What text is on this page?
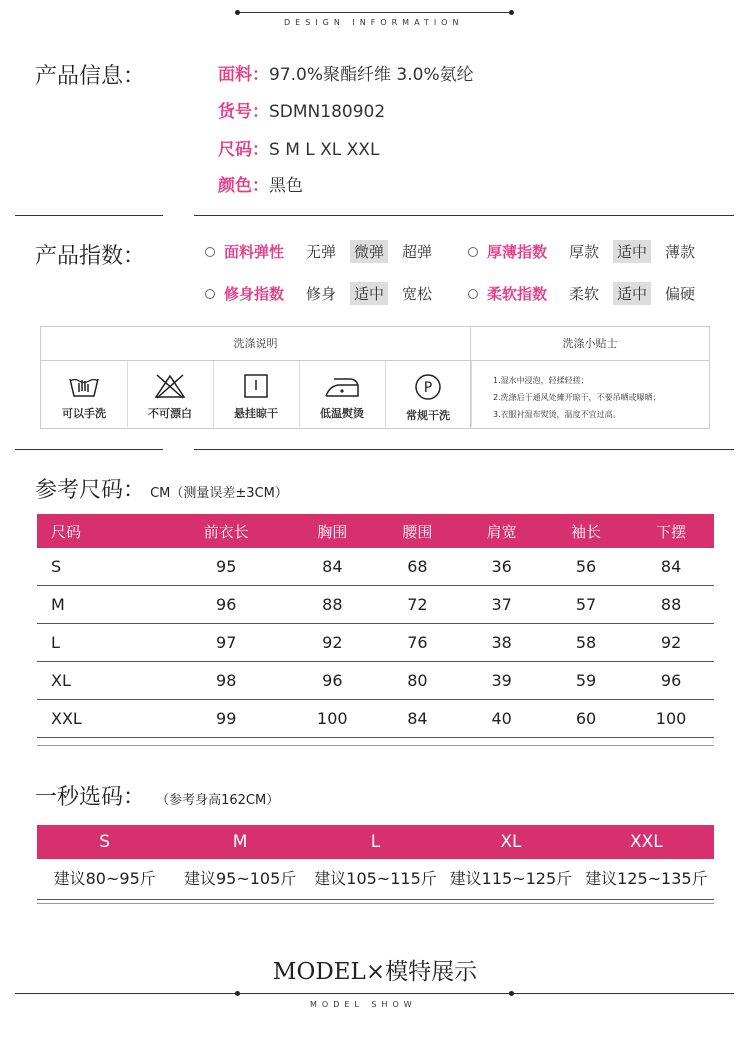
DESIGN INFORMATION
产品信息：	面料：97.0%聚酯纤维 3.0%氨纶
货号：SDMN180902
尺码：S M L XL XXL
颜色：黑色
产品指数：	面料弹性 无弹 微弹 超弹	厚薄指数 厚款 适中 薄款
修身指数 修身 适中 宽松	柔软指数 柔软 适中 偏硬
洗涤说明	洗涤小贴士
可以手洗	不可漂白	悬挂晾干	低温熨烫
P
常规干洗
1.湿水中浸泡，轻揉轻搓；
2.洗涤后于通风处摊开晾干，不要吊晒或曝晒；
3.衣服衬湿布熨烫，温度不宜过高。
参考尺码： CM（测量误差±3CM）
尺码	前衣长	胸围	腰围	肩宽	袖长	下摆
S	95	84	68	36	56	84
M	96	88	72	37	57	88
L	97	92	76	38	58	92
XL	98	96	80	39	59	96
XXL	99	100	84	40	60	100
一秒选码： （参考身高162CM）
S	M	L	XL	XXL
建议80~95斤	建议95~105斤	建议105~115斤 建议115~125斤 建议125~135斤
MODEL×模特展示
MODEL SHOW
